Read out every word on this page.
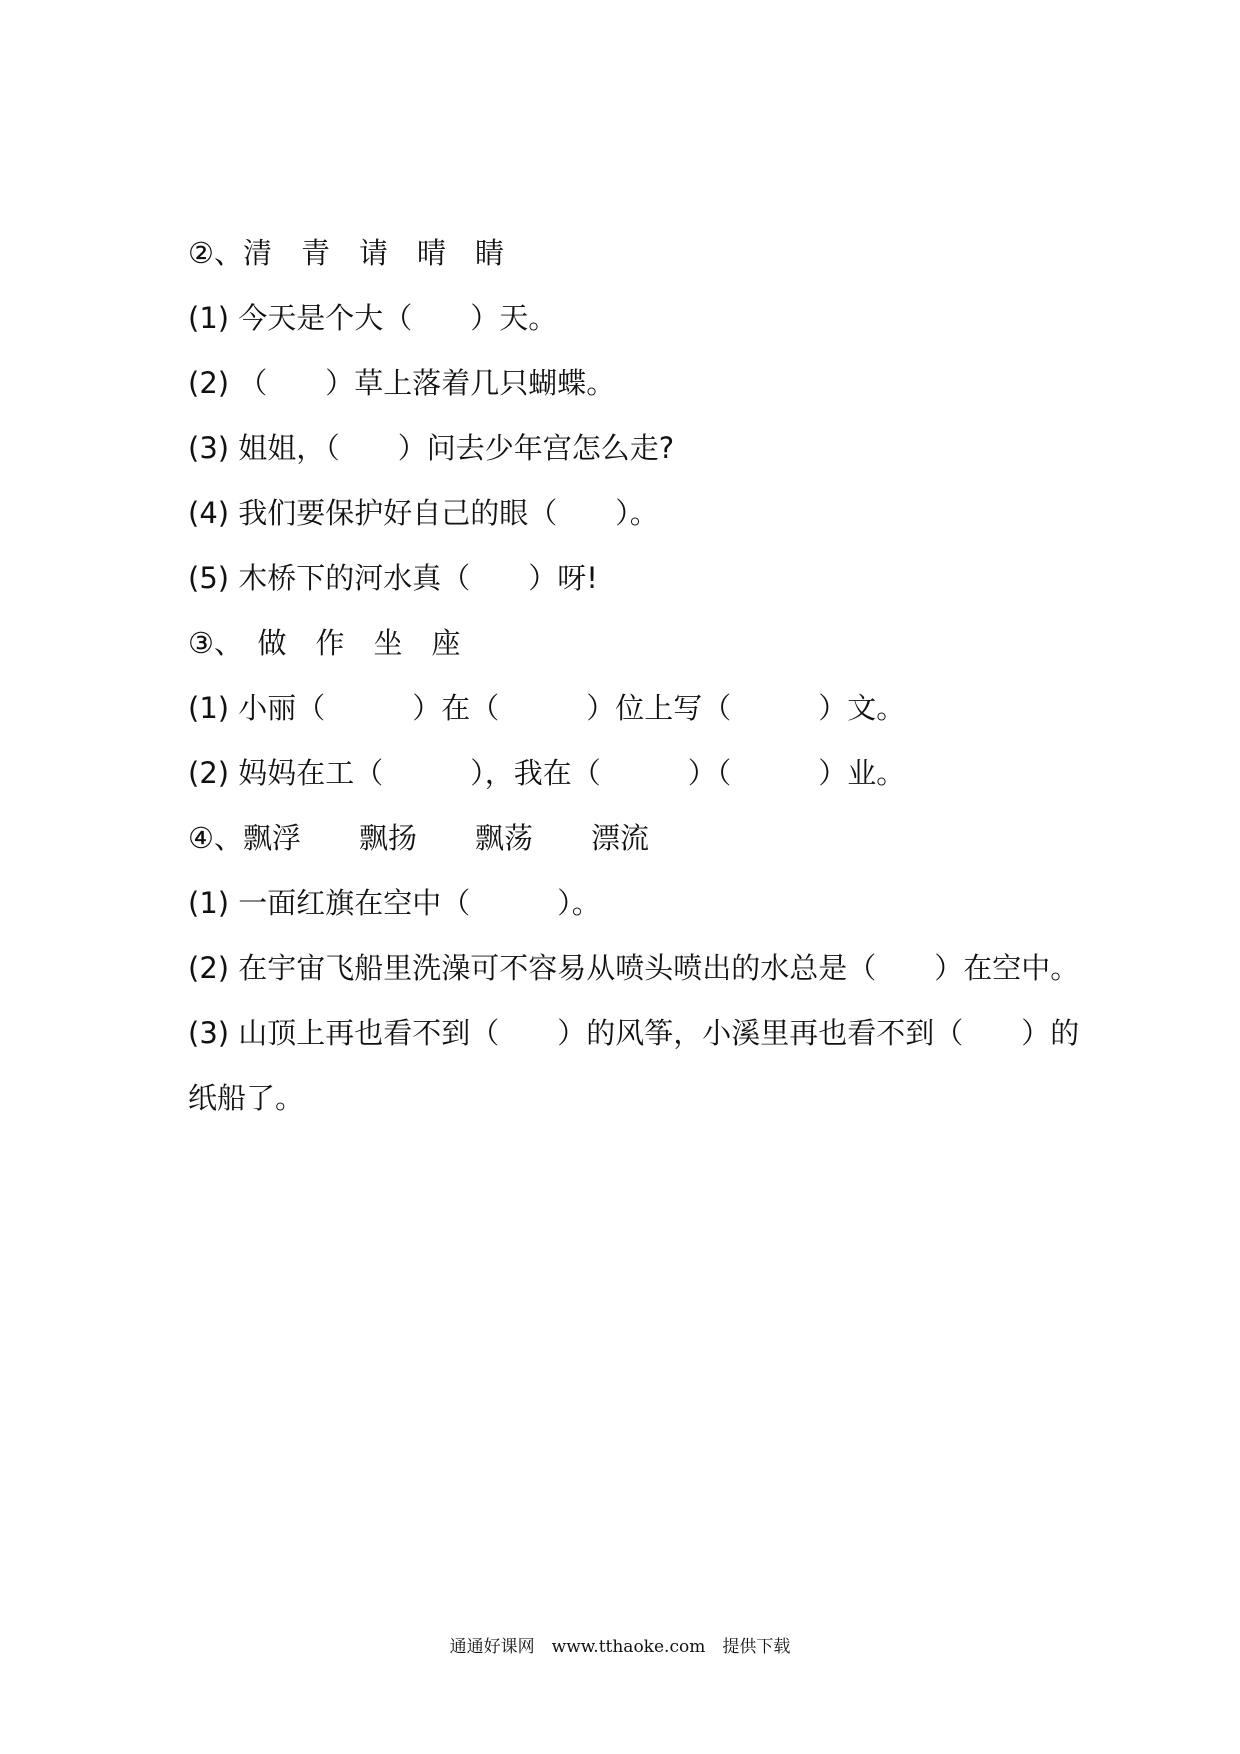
②、清　青　请　晴　睛
(1) 今天是个大（　　）天。
(2) （　　）草上落着几只蝴蝶。
(3) 姐姐，（　　）问去少年宫怎么走?
(4) 我们要保护好自己的眼（　　）。
(5) 木桥下的河水真（　　）呀!
③、　做　作　坐　座
(1) 小丽（　　　）在（　　　）位上写（　　　）文。
(2) 妈妈在工（　　　），我在（　　　）（　　　）业。
④、飘浮　　飘扬　　飘荡　　漂流
(1) 一面红旗在空中（　　　）。
(2) 在宇宙飞船里洗澡可不容易从喷头喷出的水总是（　　）在空中。
(3) 山顶上再也看不到（　　）的风筝，小溪里再也看不到（　　）的
纸船了。
通通好课网　www.tthaoke.com　提供下载
